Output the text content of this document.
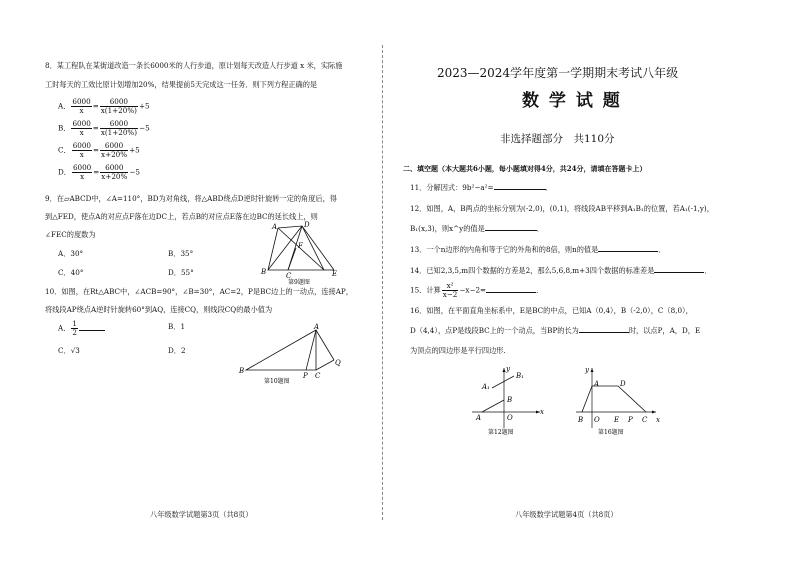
8．某工程队在某街道改造一条长6000米的人行步道，原计划每天改造人行步道 x 米，实际施
工时每天的工效比原计划增加20%，结果提前5天完成这一任务．则下列方程正确的是
A． $\frac{6000}{x} = \frac{6000}{x(1+20\%)} +5$
B． $\frac{6000}{x} = \frac{6000}{x(1+20\%)} -5$
C． $\frac{6000}{x} = \frac{6000}{x+20\%} +5$
D． $\frac{6000}{x} = \frac{6000}{x+20\%} -5$
9．在▱ABCD中，∠A=110°，BD为对角线，将△ABD绕点D逆时针旋转一定的角度后，得
到△FED，使点A的对应点F落在边DC上，若点B的对应点E落在边BC的延长线上，则
∠FEC的度数为
A．30°	B．35°
C．40°	D．55°
A	D
F
B	C	E
第9题图
10．如图，在Rt△ABC中，∠ACB=90°，∠B=30°，AC=2，P是BC边上的一动点，连接AP，
将线段AP绕点A逆时针旋转60°到AQ，连接CQ，则线段CQ的最小值为
A． $\frac{1}{2}$	B．1
C．√3	D．2
A
B
P C
Q
第10题图
八年级数学试题第3页（共8页）
2023—2024学年度第一学期期末考试八年级
数 学 试 题
非选择题部分　共110分
二、填空题（本大题共6小题，每小题填对得4分，共24分，请填在答题卡上）
11．分解因式：9b²−a²=	．
12．如图，A，B两点的坐标分别为(-2,0)，(0,1)，将线段AB平移到A₁B₁的位置，若A₁(-1,y)，
B₁(x,3)，则x^y的值是	．
13．一个n边形的内角和等于它的外角和的8倍，则n的值是	．
14．已知2,3,5,m四个数据的方差是2，那么5,6,8,m+3四个数据的标准差是	．
15．计算 $\frac{\text{x²}}{x-2} -x-2=$	．
16．如图，在平面直角坐标系中，E是BC的中点，已知A（0,4），B（-2,0），C（8,0），
D（4,4），点P是线段BC上的一个动点，当BP的长为	时，以点P，A，D，E
为顶点的四边形是平行四边形.
y
B₁
A₁
B
A	O
x
第12题图
y
A	D
B O E P C x
第16题图
八年级数学试题第4页（共8页）
